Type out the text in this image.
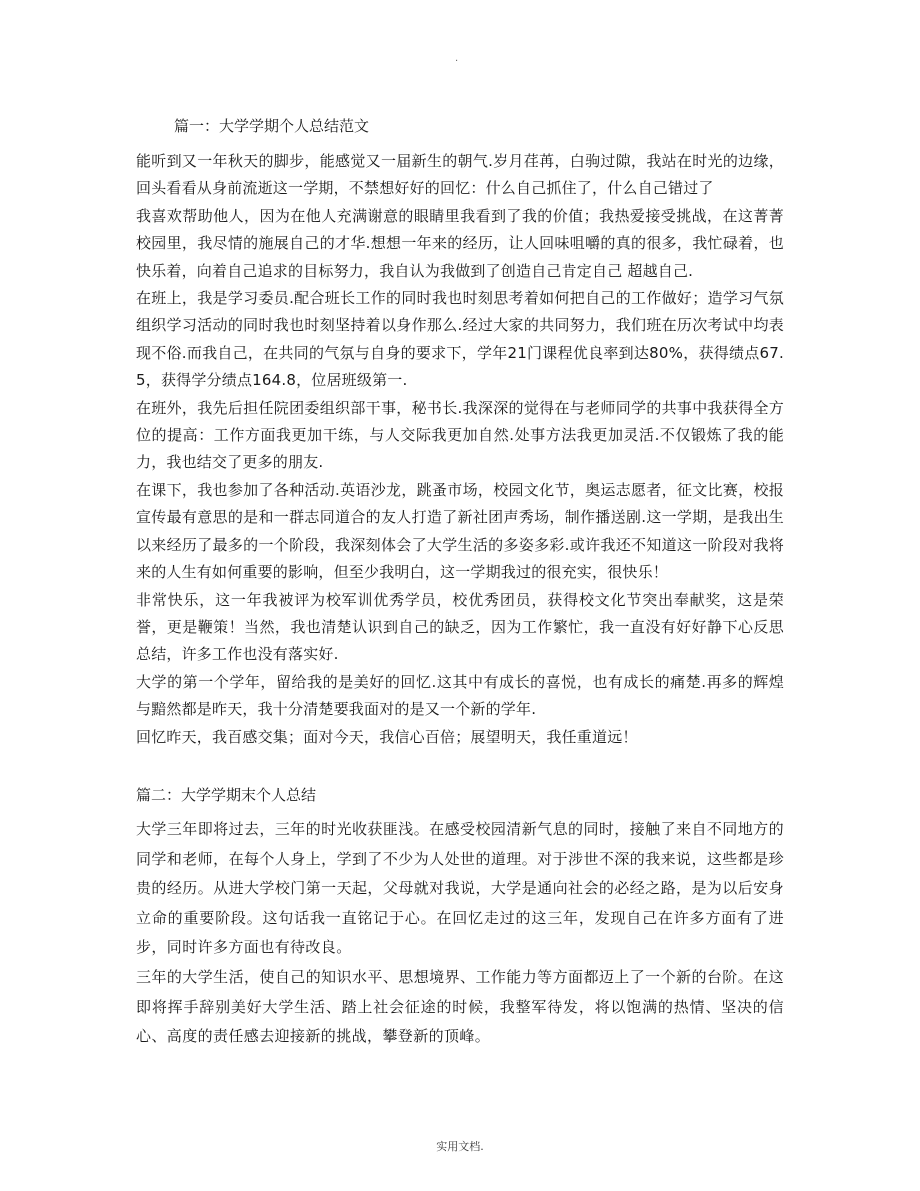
.
篇一：大学学期个人总结范文

能听到又一年秋天的脚步，能感觉又一届新生的朝气.岁月荏苒，白驹过隙，我站在时光的边缘，回头看看从身前流逝这一学期，不禁想好好的回忆：什么自己抓住了，什么自己错过了

我喜欢帮助他人，因为在他人充满谢意的眼睛里我看到了我的价值；我热爱接受挑战，在这菁菁校园里，我尽情的施展自己的才华.想想一年来的经历，让人回味咀嚼的真的很多，我忙碌着，也快乐着，向着自己追求的目标努力，我自认为我做到了创造自己肯定自己 超越自己.

在班上，我是学习委员.配合班长工作的同时我也时刻思考着如何把自己的工作做好；造学习气氛组织学习活动的同时我也时刻坚持着以身作那么.经过大家的共同努力，我们班在历次考试中均表现不俗.而我自己，在共同的气氛与自身的要求下，学年21门课程优良率到达80%，获得绩点67.5，获得学分绩点164.8，位居班级第一.

在班外，我先后担任院团委组织部干事，秘书长.我深深的觉得在与老师同学的共事中我获得全方位的提高：工作方面我更加干练，与人交际我更加自然.处事方法我更加灵活.不仅锻炼了我的能力，我也结交了更多的朋友.

在课下，我也参加了各种活动.英语沙龙，跳蚤市场，校园文化节，奥运志愿者，征文比赛，校报宣传最有意思的是和一群志同道合的友人打造了新社团声秀场，制作播送剧.这一学期，是我出生以来经历了最多的一个阶段，我深刻体会了大学生活的多姿多彩.或许我还不知道这一阶段对我将来的人生有如何重要的影响，但至少我明白，这一学期我过的很充实，很快乐！

非常快乐，这一年我被评为校军训优秀学员，校优秀团员，获得校文化节突出奉献奖，这是荣誉，更是鞭策！当然，我也清楚认识到自己的缺乏，因为工作繁忙，我一直没有好好静下心反思总结，许多工作也没有落实好.

大学的第一个学年，留给我的是美好的回忆.这其中有成长的喜悦，也有成长的痛楚.再多的辉煌与黯然都是昨天，我十分清楚要我面对的是又一个新的学年.

回忆昨天，我百感交集；面对今天，我信心百倍；展望明天，我任重道远！

篇二：大学学期末个人总结

大学三年即将过去，三年的时光收获匪浅。在感受校园清新气息的同时，接触了来自不同地方的同学和老师，在每个人身上，学到了不少为人处世的道理。对于涉世不深的我来说，这些都是珍贵的经历。从进大学校门第一天起，父母就对我说，大学是通向社会的必经之路，是为以后安身立命的重要阶段。这句话我一直铭记于心。在回忆走过的这三年，发现自己在许多方面有了进步，同时许多方面也有待改良。

三年的大学生活，使自己的知识水平、思想境界、工作能力等方面都迈上了一个新的台阶。在这即将挥手辞别美好大学生活、踏上社会征途的时候，我整军待发，将以饱满的热情、坚决的信心、高度的责任感去迎接新的挑战，攀登新的顶峰。

实用文档.
